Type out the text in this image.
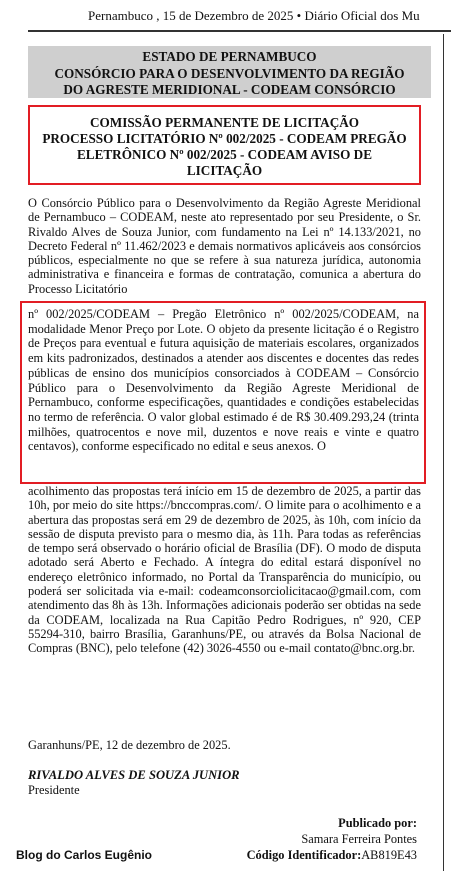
Pernambuco , 15 de Dezembro de 2025 • Diário Oficial dos Mu
ESTADO DE PERNAMBUCO
CONSÓRCIO PARA O DESENVOLVIMENTO DA REGIÃO
DO AGRESTE MERIDIONAL - CODEAM CONSÓRCIO
COMISSÃO PERMANENTE DE LICITAÇÃO
PROCESSO LICITATÓRIO Nº 002/2025 - CODEAM PREGÃO
ELETRÔNICO Nº 002/2025 - CODEAM AVISO DE
LICITAÇÃO
O Consórcio Público para o Desenvolvimento da Região Agreste Meridional de Pernambuco – CODEAM, neste ato representado por seu Presidente, o Sr. Rivaldo Alves de Souza Junior, com fundamento na Lei nº 14.133/2021, no Decreto Federal nº 11.462/2023 e demais normativos aplicáveis aos consórcios públicos, especialmente no que se refere à sua natureza jurídica, autonomia administrativa e financeira e formas de contratação, comunica a abertura do Processo Licitatório
nº 002/2025/CODEAM – Pregão Eletrônico nº 002/2025/CODEAM, na modalidade Menor Preço por Lote. O objeto da presente licitação é o Registro de Preços para eventual e futura aquisição de materiais escolares, organizados em kits padronizados, destinados a atender aos discentes e docentes das redes públicas de ensino dos municípios consorciados à CODEAM – Consórcio Público para o Desenvolvimento da Região Agreste Meridional de Pernambuco, conforme especificações, quantidades e condições estabelecidas no termo de referência. O valor global estimado é de R$ 30.409.293,24 (trinta milhões, quatrocentos e nove mil, duzentos e nove reais e vinte e quatro centavos), conforme especificado no edital e seus anexos. O
acolhimento das propostas terá início em 15 de dezembro de 2025, a partir das 10h, por meio do site https://bnccompras.com/. O limite para o acolhimento e a abertura das propostas será em 29 de dezembro de 2025, às 10h, com início da sessão de disputa previsto para o mesmo dia, às 11h. Para todas as referências de tempo será observado o horário oficial de Brasília (DF). O modo de disputa adotado será Aberto e Fechado. A íntegra do edital estará disponível no endereço eletrônico informado, no Portal da Transparência do município, ou poderá ser solicitada via e-mail: codeamconsorciolicitacao@gmail.com, com atendimento das 8h às 13h. Informações adicionais poderão ser obtidas na sede da CODEAM, localizada na Rua Capitão Pedro Rodrigues, nº 920, CEP 55294-310, bairro Brasília, Garanhuns/PE, ou através da Bolsa Nacional de Compras (BNC), pelo telefone (42) 3026-4550 ou e-mail contato@bnc.org.br.
Garanhuns/PE, 12 de dezembro de 2025.
RIVALDO ALVES DE SOUZA JUNIOR
Presidente
Publicado por:
Samara Ferreira Pontes
Código Identificador:AB819E43
Blog do Carlos Eugênio
